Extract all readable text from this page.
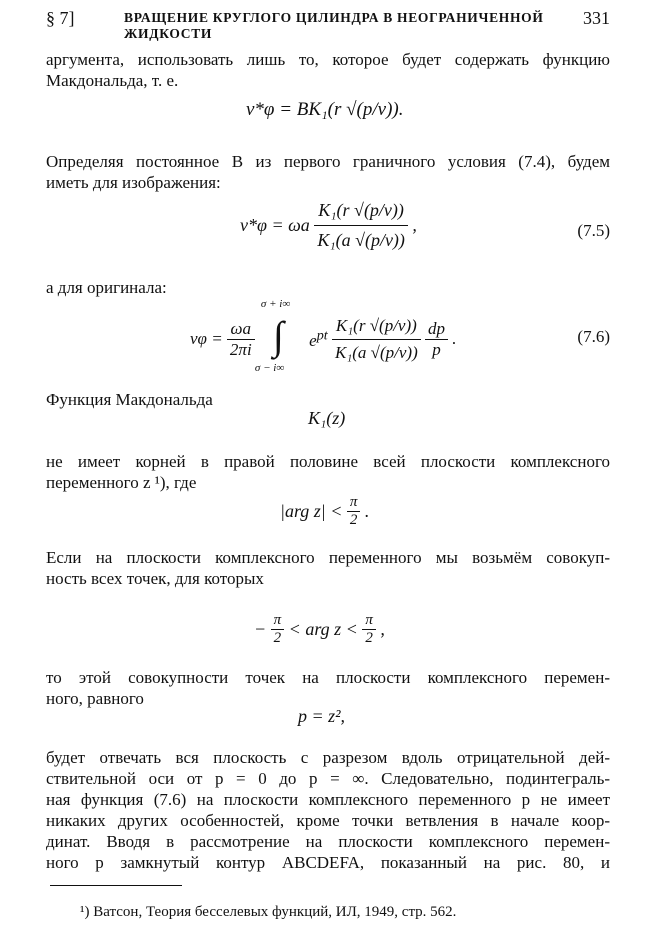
§ 7]	ВРАЩЕНИЕ КРУГЛОГО ЦИЛИНДРА В НЕОГРАНИЧЕННОЙ ЖИДКОСТИ
331
аргумента, использовать лишь то, которое будет содержать функцию
Макдональда, т. е.
v*φ = BK₁(r √(p/ν)).
Определяя постоянное B из первого граничного условия (7.4), будем
иметь для изображения:
v*φ = ωa $\frac{\text{K₁(r √(p/ν))}}{\text{K₁(a √(p/ν))}}$ ,	(7.5)
а для оригинала:
$v\varphi = \frac{\omega a}{2\pi i}$

σ + i∞
∫
σ − i∞
$e^{pt} \frac{\text{K₁(r √(p/ν))}}{\text{K₁(a √(p/ν))}}$
$\frac{dp}{p}$ .	(7.6)
Функция Макдональда
K₁(z)
не имеет корней в правой половине всей плоскости комплексного
переменного z ¹), где
|arg $z| < \frac{\pi}{2}$ .
Если на плоскости комплексного переменного мы возьмём совокуп-
ность всех точек, для которых
− $\frac{\pi}{2}$ < arg $z < \frac{\pi}{2}$ ,
то этой совокупности точек на плоскости комплексного перемен-
ного, равного
p = z²,
будет отвечать вся плоскость с разрезом вдоль отрицательной дей-
ствительной оси от p = 0 до p = ∞. Следовательно, подинтеграль-
ная функция (7.6) на плоскости комплексного переменного p не имеет
никаких других особенностей, кроме точки ветвления в начале коор-
динат. Вводя в рассмотрение на плоскости комплексного перемен-
ного p замкнутый контур ABCDEFA, показанный на рис. 80, и
¹) Ватсон, Теория бесселевых функций, ИЛ, 1949, стр. 562.
